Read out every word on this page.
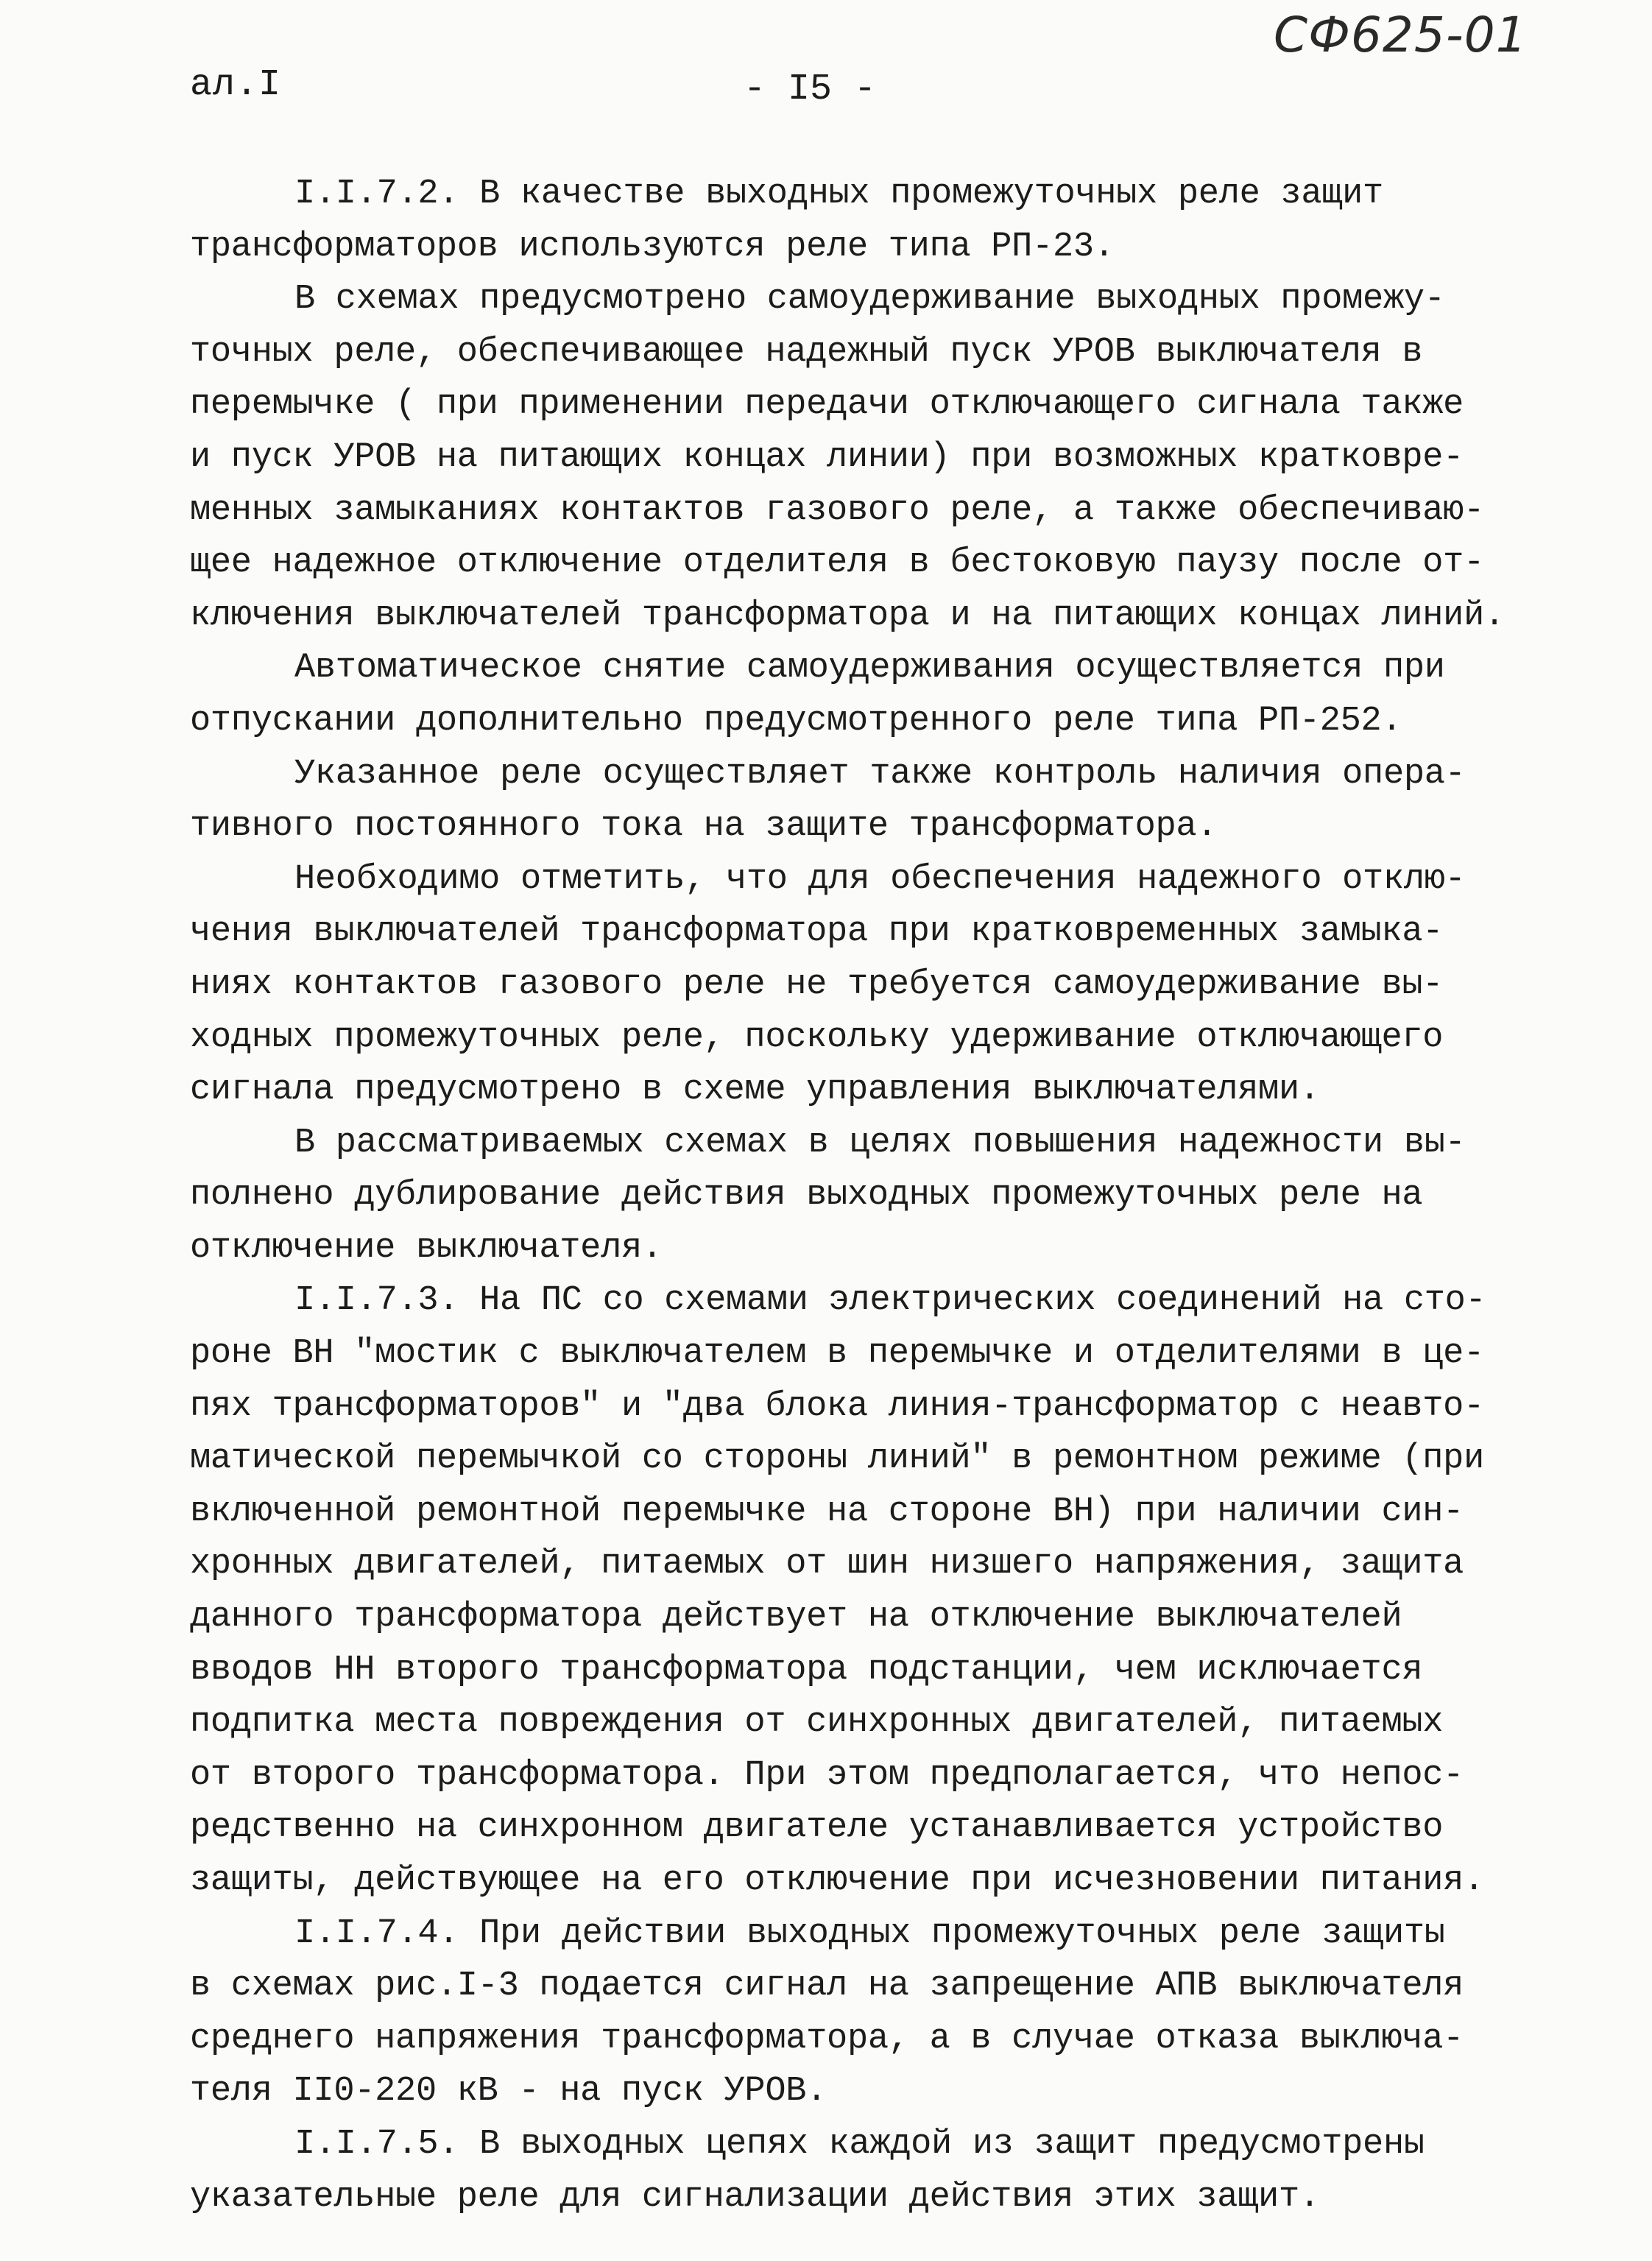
ал.I	- I5 -
СФ625-01
I.I.7.2. В качестве выходных промежуточных реле защит
трансформаторов используются реле типа РП-23.
В схемах предусмотрено самоудерживание выходных промежу-
точных реле, обеспечивающее надежный пуск УРОВ выключателя в
перемычке ( при применении передачи отключающего сигнала также
и пуск УРОВ на питающих концах линии) при возможных кратковре-
менных замыканиях контактов газового реле, а также обеспечиваю-
щее надежное отключение отделителя в бестоковую паузу после от-
ключения выключателей трансформатора и на питающих концах линий.
Автоматическое снятие самоудерживания осуществляется при
отпускании дополнительно предусмотренного реле типа РП-252.
Указанное реле осуществляет также контроль наличия опера-
тивного постоянного тока на защите трансформатора.
Необходимо отметить, что для обеспечения надежного отклю-
чения выключателей трансформатора при кратковременных замыка-
ниях контактов газового реле не требуется самоудерживание вы-
ходных промежуточных реле, поскольку удерживание отключающего
сигнала предусмотрено в схеме управления выключателями.
В рассматриваемых схемах в целях повышения надежности вы-
полнено дублирование действия выходных промежуточных реле на
отключение выключателя.
I.I.7.3. На ПС со схемами электрических соединений на сто-
роне ВН "мостик с выключателем в перемычке и отделителями в це-
пях трансформаторов" и "два блока линия-трансформатор с неавто-
матической перемычкой со стороны линий" в ремонтном режиме (при
включенной ремонтной перемычке на стороне ВН) при наличии син-
хронных двигателей, питаемых от шин низшего напряжения, защита
данного трансформатора действует на отключение выключателей
вводов НН второго трансформатора подстанции, чем исключается
подпитка места повреждения от синхронных двигателей, питаемых
от второго трансформатора. При этом предполагается, что непос-
редственно на синхронном двигателе устанавливается устройство
защиты, действующее на его отключение при исчезновении питания.
I.I.7.4. При действии выходных промежуточных реле защиты
в схемах рис.I-3 подается сигнал на запрещение АПВ выключателя
среднего напряжения трансформатора, а в случае отказа выключа-
теля II0-220 кВ - на пуск УРОВ.
I.I.7.5. В выходных цепях каждой из защит предусмотрены
указательные реле для сигнализации действия этих защит.
